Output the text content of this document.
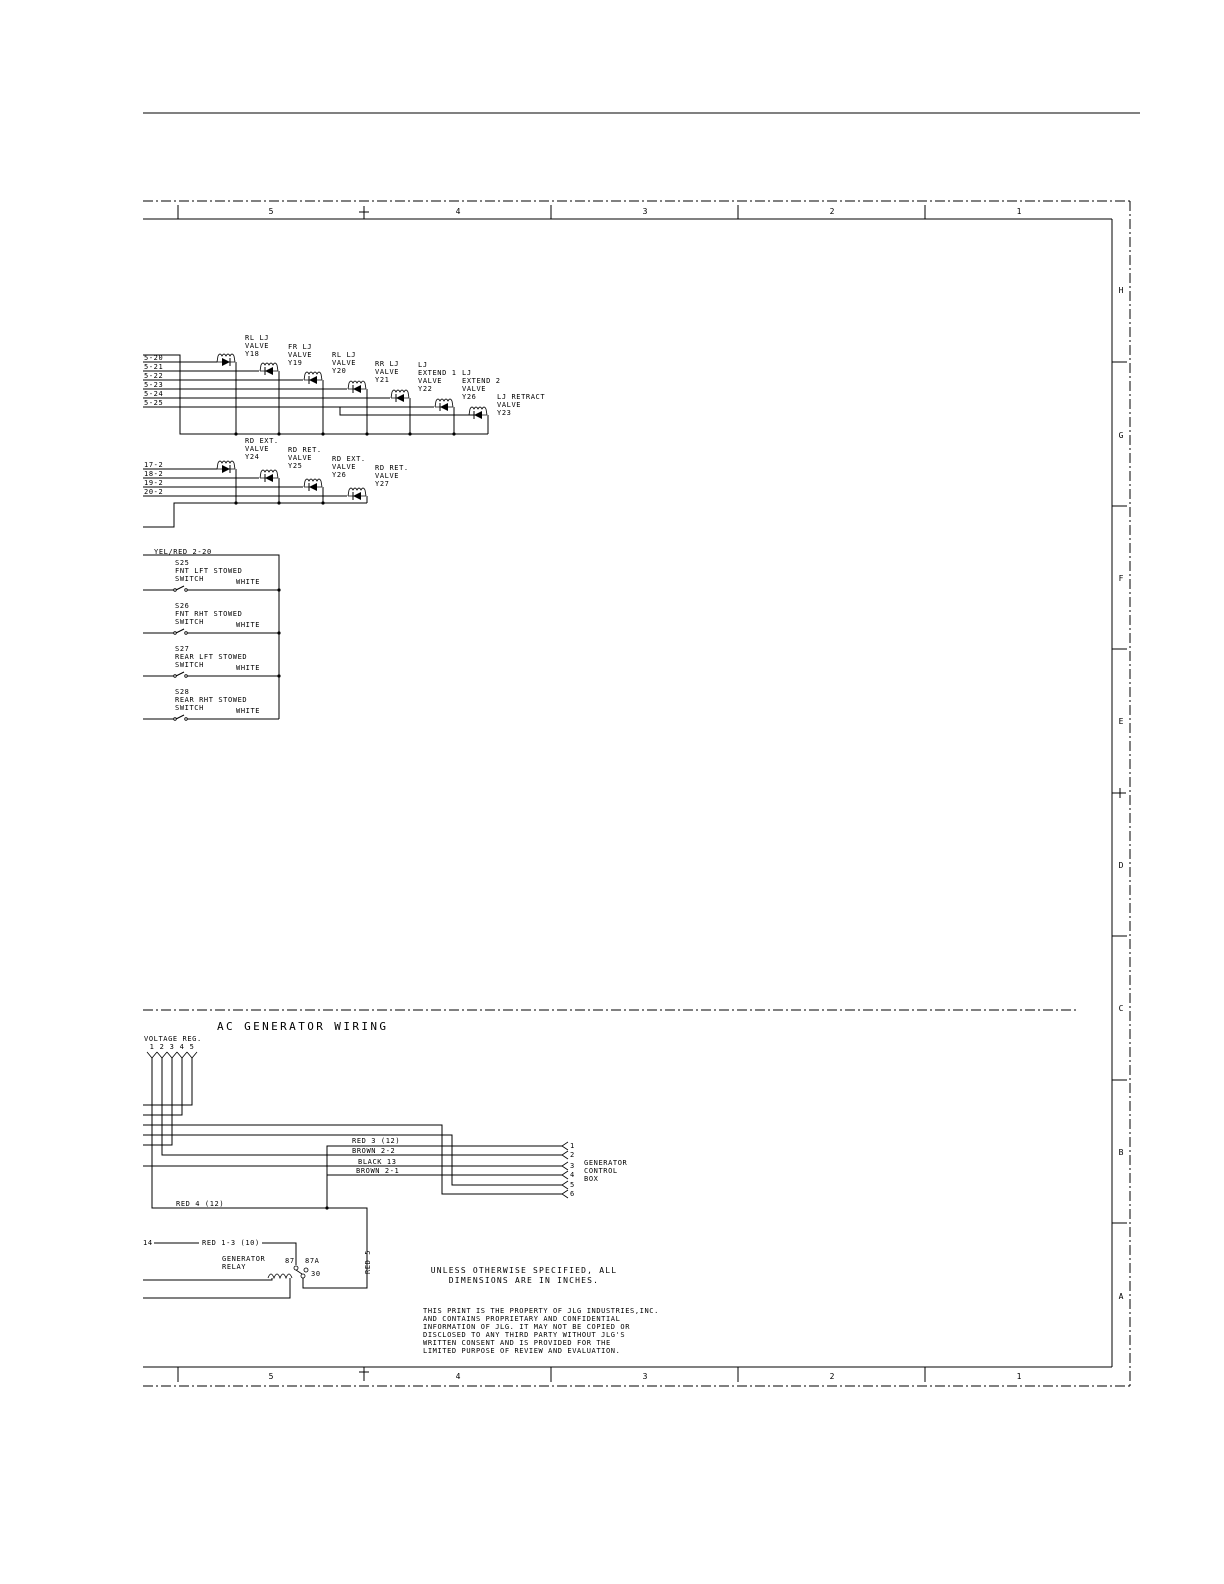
5	4	3	2	1
5	4	3	2	1
H
G
F
E
D
C
B
A
5-20
5-21
5-22
5-23
5-24
5-25
RL LJ VALVE Y18
FR LJ VALVE Y19
RL LJ VALVE Y20
RR LJ VALVE Y21
LJ EXTEND 1 VALVE Y22
LJ EXTEND 2 VALVE Y26	LJ RETRACT VALVE Y23
17-2
18-2
19-2
20-2
RD EXT. VALVE Y24
RD RET. VALVE Y25
RD EXT. VALVE Y26
RD RET. VALVE Y27
YEL/RED 2-20
S25 FNT LFT STOWED SWITCH	WHITE
S26 FNT RHT STOWED SWITCH	WHITE
S27 REAR LFT STOWED SWITCH	WHITE
S28 REAR RHT STOWED SWITCH	WHITE
AC GENERATOR WIRING
VOLTAGE REG.
1 2 3 4 5
RED 3 (12)
BROWN 2-2
BLACK 13
BROWN 2-1
1
2
3
4
5
6
GENERATOR CONTROL BOX
RED 4 (12)
14	RED 1-3 (10)
GENERATOR RELAY
87 87A
30	RED 5	UNLESS OTHERWISE SPECIFIED, ALL DIMENSIONS ARE IN INCHES.
THIS PRINT IS THE PROPERTY OF JLG INDUSTRIES,INC. AND CONTAINS PROPRIETARY AND CONFIDENTIAL INFORMATION OF JLG. IT MAY NOT BE COPIED OR DISCLOSED TO ANY THIRD PARTY WITHOUT JLG'S WRITTEN CONSENT AND IS PROVIDED FOR THE LIMITED PURPOSE OF REVIEW AND EVALUATION.
